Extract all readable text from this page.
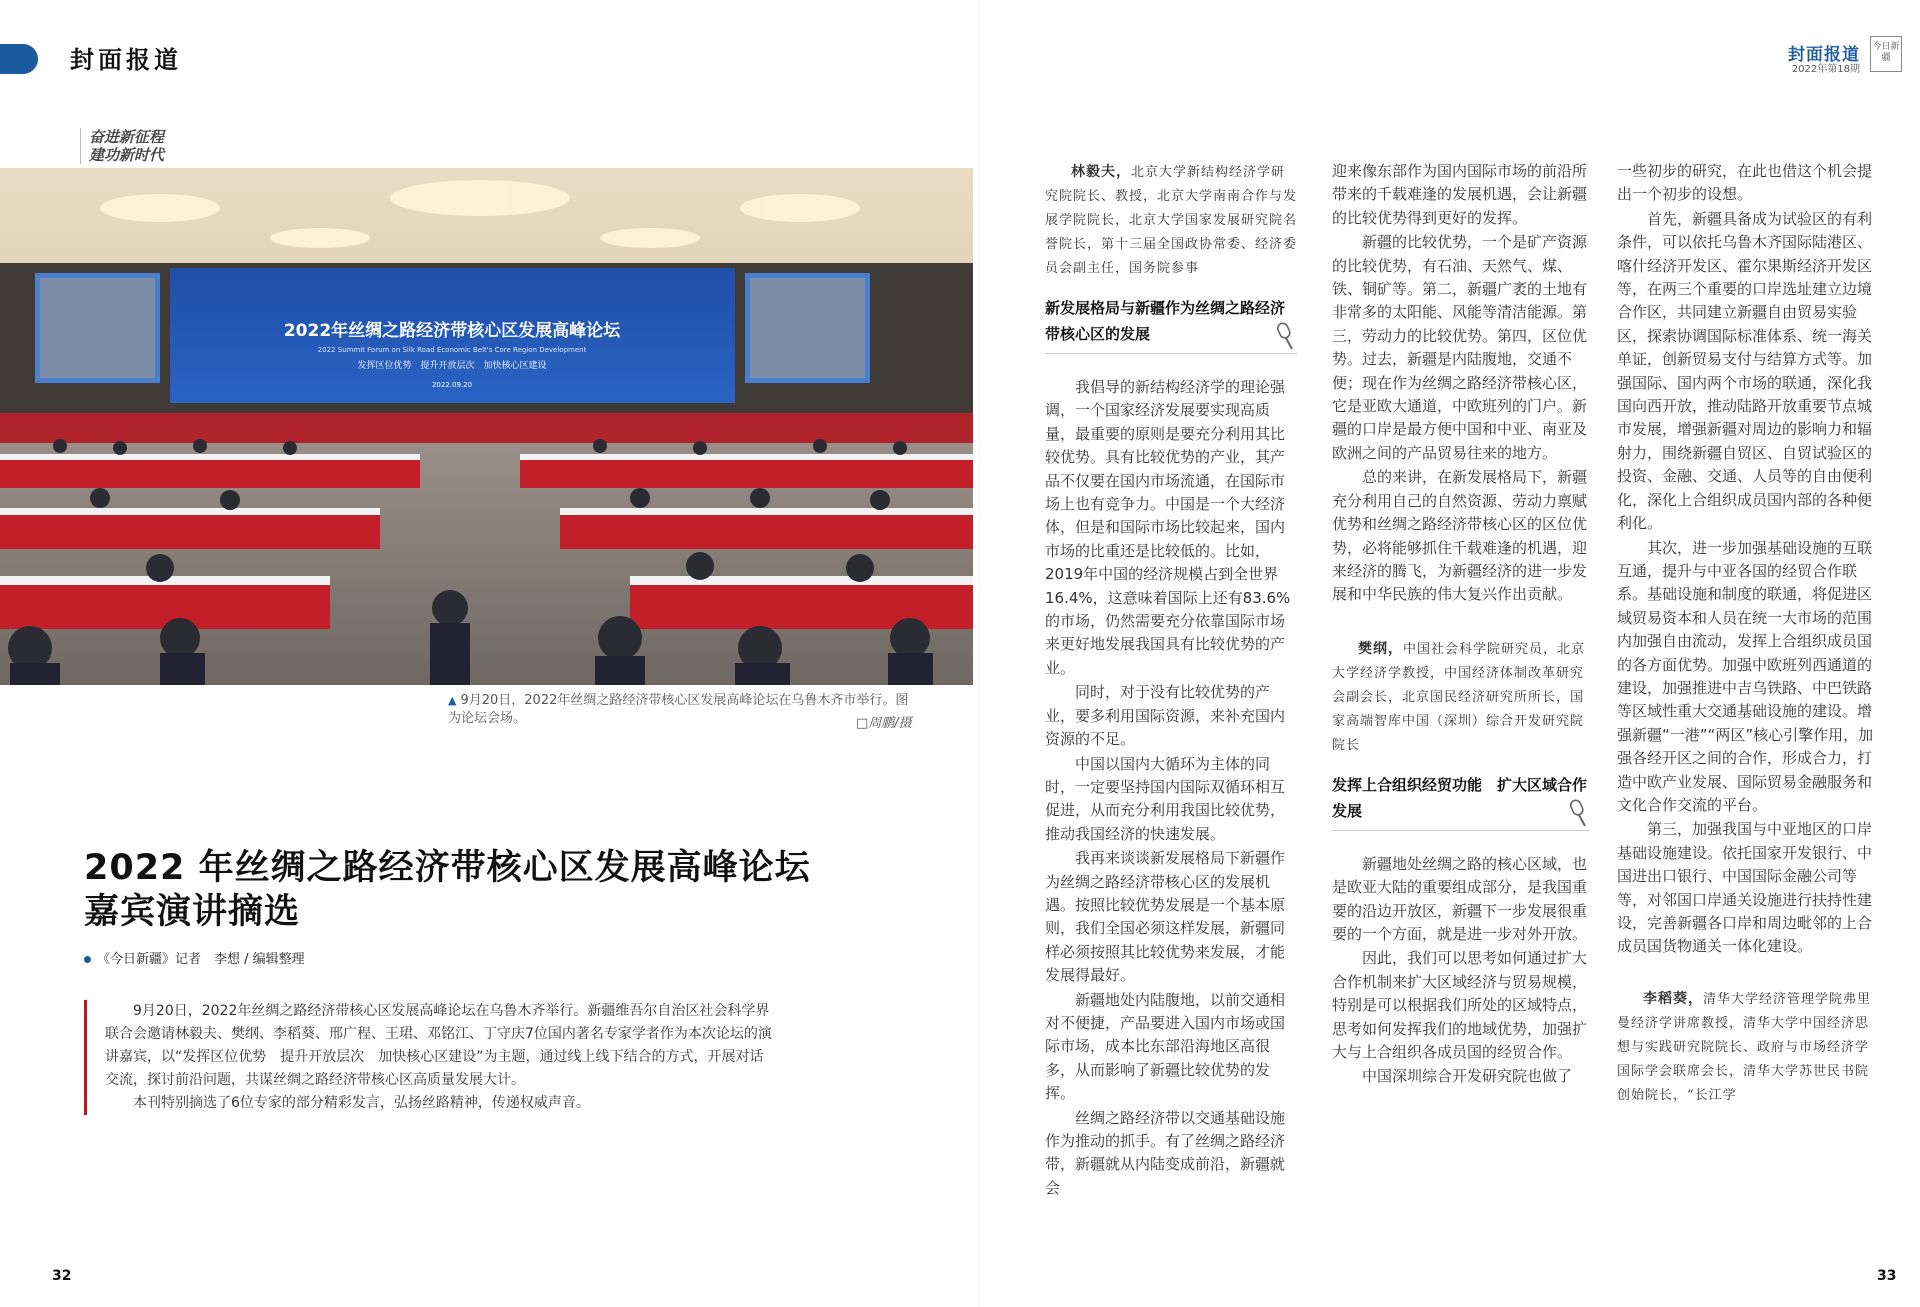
封面报道	封面报道
2022年第18期
今日新疆
奋进新征程
建功新时代
2022年丝绸之路经济带核心区发展高峰论坛
2022 Summit Forum on Silk Road Economic Belt's Core Region Development
发挥区位优势　提升开放层次　加快核心区建设
2022.09.20
▲ 9月20日，2022年丝绸之路经济带核心区发展高峰论坛在乌鲁木齐市举行。图为论坛会场。	□周鹏/摄
2022 年丝绸之路经济带核心区发展高峰论坛
嘉宾演讲摘选
《今日新疆》记者　李想 / 编辑整理

9月20日，2022年丝绸之路经济带核心区发展高峰论坛在乌鲁木齐举行。新疆维吾尔自治区社会科学界联合会邀请林毅夫、樊纲、李稻葵、邢广程、王珺、邓铭江、丁守庆7位国内著名专家学者作为本次论坛的演讲嘉宾，以“发挥区位优势　提升开放层次　加快核心区建设”为主题，通过线上线下结合的方式，开展对话交流，探讨前沿问题，共谋丝绸之路经济带核心区高质量发展大计。

本刊特别摘选了6位专家的部分精彩发言，弘扬丝路精神，传递权威声音。

林毅夫，北京大学新结构经济学研究院院长、教授，北京大学南南合作与发展学院院长，北京大学国家发展研究院名誉院长，第十三届全国政协常委、经济委员会副主任，国务院参事
新发展格局与新疆作为丝绸之路经济带核心区的发展

我倡导的新结构经济学的理论强调，一个国家经济发展要实现高质量，最重要的原则是要充分利用其比较优势。具有比较优势的产业，其产品不仅要在国内市场流通，在国际市场上也有竞争力。中国是一个大经济体，但是和国际市场比较起来，国内市场的比重还是比较低的。比如，2019年中国的经济规模占到全世界16.4%，这意味着国际上还有83.6%的市场，仍然需要充分依靠国际市场来更好地发展我国具有比较优势的产业。

同时，对于没有比较优势的产业，要多利用国际资源，来补充国内资源的不足。

中国以国内大循环为主体的同时，一定要坚持国内国际双循环相互促进，从而充分利用我国比较优势，推动我国经济的快速发展。

我再来谈谈新发展格局下新疆作为丝绸之路经济带核心区的发展机遇。按照比较优势发展是一个基本原则，我们全国必须这样发展，新疆同样必须按照其比较优势来发展，才能发展得最好。

新疆地处内陆腹地，以前交通相对不便捷，产品要进入国内市场或国际市场，成本比东部沿海地区高很多，从而影响了新疆比较优势的发挥。

丝绸之路经济带以交通基础设施作为推动的抓手。有了丝绸之路经济带，新疆就从内陆变成前沿，新疆就会

迎来像东部作为国内国际市场的前沿所带来的千载难逢的发展机遇，会让新疆的比较优势得到更好的发挥。

新疆的比较优势，一个是矿产资源的比较优势，有石油、天然气、煤、铁、铜矿等。第二，新疆广袤的土地有非常多的太阳能、风能等清洁能源。第三，劳动力的比较优势。第四，区位优势。过去，新疆是内陆腹地，交通不便；现在作为丝绸之路经济带核心区，它是亚欧大通道，中欧班列的门户。新疆的口岸是最方便中国和中亚、南亚及欧洲之间的产品贸易往来的地方。

总的来讲，在新发展格局下，新疆充分利用自己的自然资源、劳动力禀赋优势和丝绸之路经济带核心区的区位优势，必将能够抓住千载难逢的机遇，迎来经济的腾飞，为新疆经济的进一步发展和中华民族的伟大复兴作出贡献。

樊纲，中国社会科学院研究员，北京大学经济学教授，中国经济体制改革研究会副会长，北京国民经济研究所所长，国家高端智库中国（深圳）综合开发研究院院长
发挥上合组织经贸功能　扩大区域合作发展

新疆地处丝绸之路的核心区域，也是欧亚大陆的重要组成部分，是我国重要的沿边开放区，新疆下一步发展很重要的一个方面，就是进一步对外开放。

因此，我们可以思考如何通过扩大合作机制来扩大区域经济与贸易规模，特别是可以根据我们所处的区域特点，思考如何发挥我们的地域优势，加强扩大与上合组织各成员国的经贸合作。

中国深圳综合开发研究院也做了

一些初步的研究，在此也借这个机会提出一个初步的设想。

首先，新疆具备成为试验区的有利条件，可以依托乌鲁木齐国际陆港区、喀什经济开发区、霍尔果斯经济开发区等，在两三个重要的口岸选址建立边境合作区，共同建立新疆自由贸易实验区，探索协调国际标准体系、统一海关单证，创新贸易支付与结算方式等。加强国际、国内两个市场的联通，深化我国向西开放，推动陆路开放重要节点城市发展，增强新疆对周边的影响力和辐射力，围绕新疆自贸区、自贸试验区的投资、金融、交通、人员等的自由便利化，深化上合组织成员国内部的各种便利化。

其次，进一步加强基础设施的互联互通，提升与中亚各国的经贸合作联系。基础设施和制度的联通，将促进区域贸易资本和人员在统一大市场的范围内加强自由流动，发挥上合组织成员国的各方面优势。加强中欧班列西通道的建设，加强推进中吉乌铁路、中巴铁路等区域性重大交通基础设施的建设。增强新疆“一港”“两区”核心引擎作用，加强各经开区之间的合作，形成合力，打造中欧产业发展、国际贸易金融服务和文化合作交流的平台。

第三，加强我国与中亚地区的口岸基础设施建设。依托国家开发银行、中国进出口银行、中国国际金融公司等等，对邻国口岸通关设施进行扶持性建设，完善新疆各口岸和周边毗邻的上合成员国货物通关一体化建设。

李稻葵，清华大学经济管理学院弗里曼经济学讲席教授，清华大学中国经济思想与实践研究院院长、政府与市场经济学国际学会联席会长，清华大学苏世民书院创始院长，“长江学
32	33
